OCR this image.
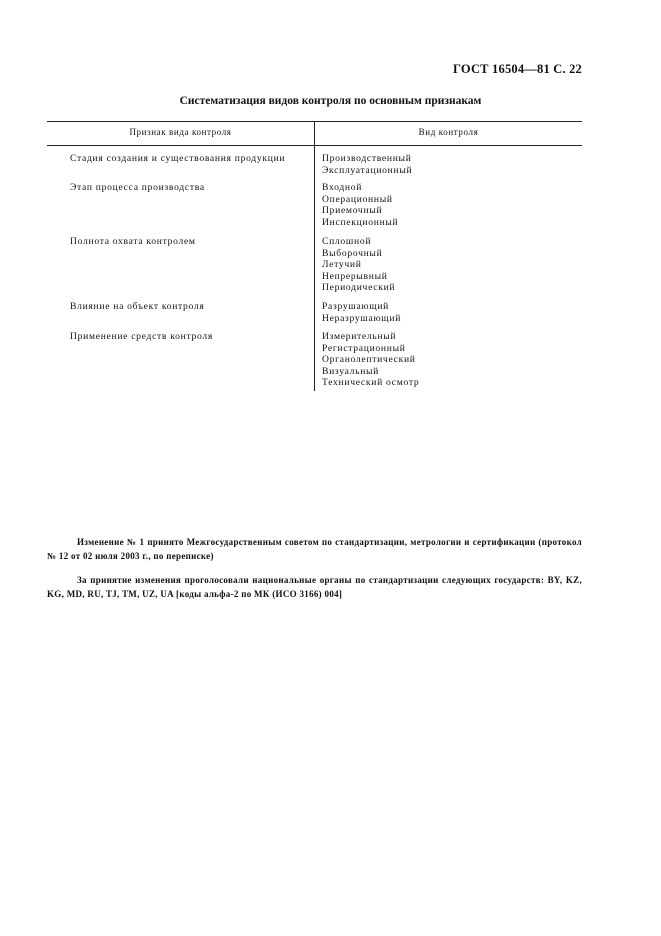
ГОСТ 16504—81 С. 22
Систематизация видов контроля по основным признакам
Признак вида контроля	Вид контроля
Стадия создания и существования продукции	Производственный
Эксплуатационный
Этап процесса производства	Входной
Операционный
Приемочный
Инспекционный
Полнота охвата контролем	Сплошной
Выборочный
Летучий
Непрерывный
Периодический
Влияние на объект контроля	Разрушающий
Неразрушающий
Применение средств контроля	Измерительный
Регистрационный
Органолептический
Визуальный
Технический осмотр

Изменение № 1 принято Межгосударственным советом по стандартизации, метрологии и сертификации (протокол № 12 от 02 июля 2003 г., по переписке)

За принятие изменения проголосовали национальные органы по стандартизации следующих государств: BY, KZ, KG, MD, RU, TJ, TM, UZ, UA [коды альфа-2 по МК (ИСО 3166) 004]
